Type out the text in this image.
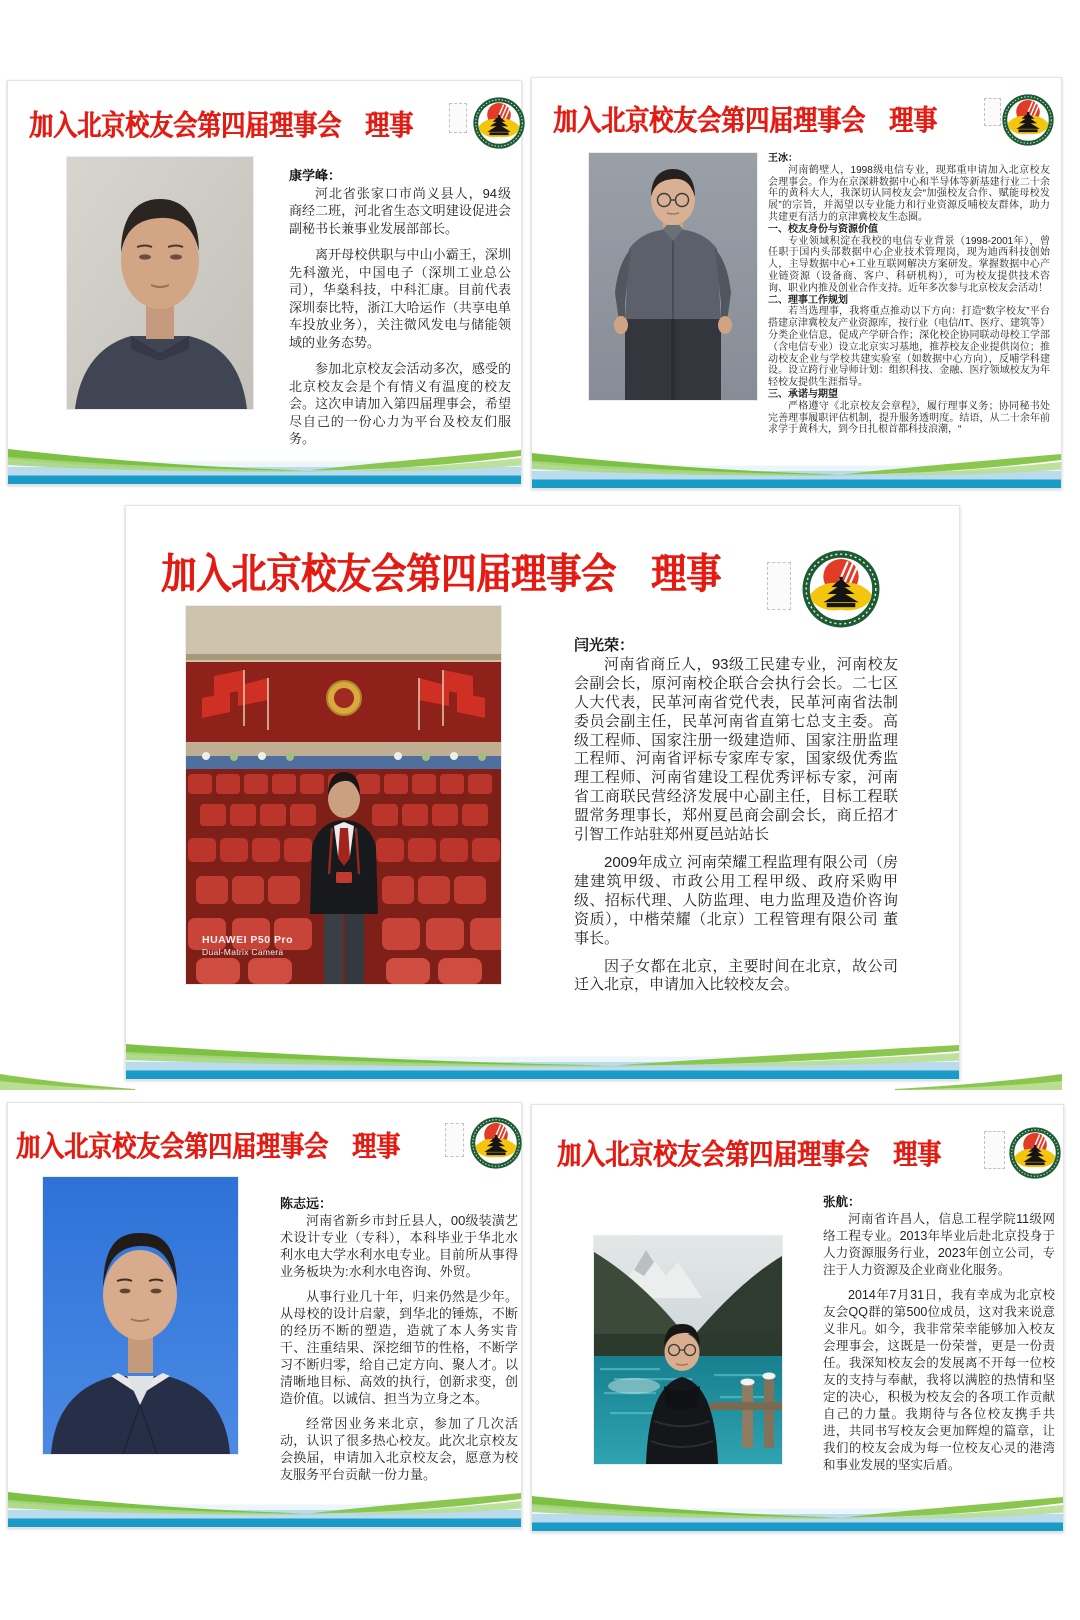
加入北京校友会第四届理事会　理事
康学峰：

河北省张家口市尚义县人，94级商经二班，河北省生态文明建设促进会副秘书长兼事业发展部部长。

离开母校供职与中山小霸王，深圳先科激光，中国电子（深圳工业总公司），华燊科技，中科汇康。目前代表深圳泰比特，浙江大哈运作（共享电单车投放业务），关注微风发电与储能领域的业务态势。

参加北京校友会活动多次，感受的北京校友会是个有情义有温度的校友会。这次申请加入第四届理事会，希望尽自己的一份心力为平台及校友们服务。

加入北京校友会第四届理事会　理事
王冰：

河南鹤壁人，1998级电信专业，现郑重申请加入北京校友会理事会。作为在京深耕数据中心和半导体等新基建行业二十余年的黄科大人，我深切认同校友会“加强校友合作、赋能母校发展”的宗旨，并渴望以专业能力和行业资源反哺校友群体，助力共建更有活力的京津冀校友生态圈。

一、校友身份与资源价值

专业领域积淀在我校的电信专业背景（1998-2001年），曾任职于国内头部数据中心企业技术管理岗，现为迪西科技创始人，主导数据中心+工业互联网解决方案研发。掌握数据中心产业链资源（设备商、客户、科研机构），可为校友提供技术咨询、职业内推及创业合作支持。近年多次参与北京校友会活动！

二、理事工作规划

若当选理事，我将重点推动以下方向：打造“数字校友”平台搭建京津冀校友产业资源库，按行业（电信/IT、医疗、建筑等）分类企业信息，促成产学研合作；深化校企协同联动母校工学部（含电信专业）设立北京实习基地，推荐校友企业提供岗位；推动校友企业与学校共建实验室（如数据中心方向），反哺学科建设。设立跨行业导师计划：组织科技、金融、医疗领域校友为年轻校友提供生涯指导。

三、承诺与期望

严格遵守《北京校友会章程》，履行理事义务；协同秘书处完善理事履职评估机制，提升服务透明度。结语，从二十余年前求学于黄科大，到今日扎根首都科技浪潮，“

加入北京校友会第四届理事会　理事
HUAWEI P50 Pro
Dual-Matrix Camera
闫光荣：

河南省商丘人，93级工民建专业，河南校友会副会长，原河南校企联合会执行会长。二七区人大代表，民革河南省党代表，民革河南省法制委员会副主任，民革河南省直第七总支主委。高级工程师、国家注册一级建造师、国家注册监理工程师、河南省评标专家库专家，国家级优秀监理工程师、河南省建设工程优秀评标专家，河南省工商联民营经济发展中心副主任，目标工程联盟常务理事长，郑州夏邑商会副会长，商丘招才引智工作站驻郑州夏邑站站长

2009年成立 河南荣耀工程监理有限公司（房建建筑甲级、市政公用工程甲级、政府采购甲级、招标代理、人防监理、电力监理及造价咨询资质），中楷荣耀（北京）工程管理有限公司 董事长。

因子女都在北京，主要时间在北京，故公司迁入北京，申请加入比较校友会。

加入北京校友会第四届理事会　理事
陈志远：

河南省新乡市封丘县人，00级装潢艺术设计专业（专科），本科毕业于华北水利水电大学水利水电专业。目前所从事得业务板块为:水利水电咨询、外贸。

从事行业几十年，归来仍然是少年。从母校的设计启蒙，到华北的锤炼，不断的经历不断的塑造，造就了本人务实肯干、注重结果、深挖细节的性格，不断学习不断归零，给自己定方向、聚人才。以清晰地目标、高效的执行，创新求变，创造价值。以诚信、担当为立身之本。

经常因业务来北京，参加了几次活动，认识了很多热心校友。此次北京校友会换届，申请加入北京校友会，愿意为校友服务平台贡献一份力量。

加入北京校友会第四届理事会　理事
张航：

河南省许昌人，信息工程学院11级网络工程专业。2013年毕业后赴北京投身于人力资源服务行业，2023年创立公司，专注于人力资源及企业商业化服务。

2014年7月31日，我有幸成为北京校友会QQ群的第500位成员，这对我来说意义非凡。如今，我非常荣幸能够加入校友会理事会，这既是一份荣誉，更是一份责任。我深知校友会的发展离不开每一位校友的支持与奉献，我将以满腔的热情和坚定的决心，积极为校友会的各项工作贡献自己的力量。我期待与各位校友携手共进，共同书写校友会更加辉煌的篇章，让我们的校友会成为每一位校友心灵的港湾和事业发展的坚实后盾。
